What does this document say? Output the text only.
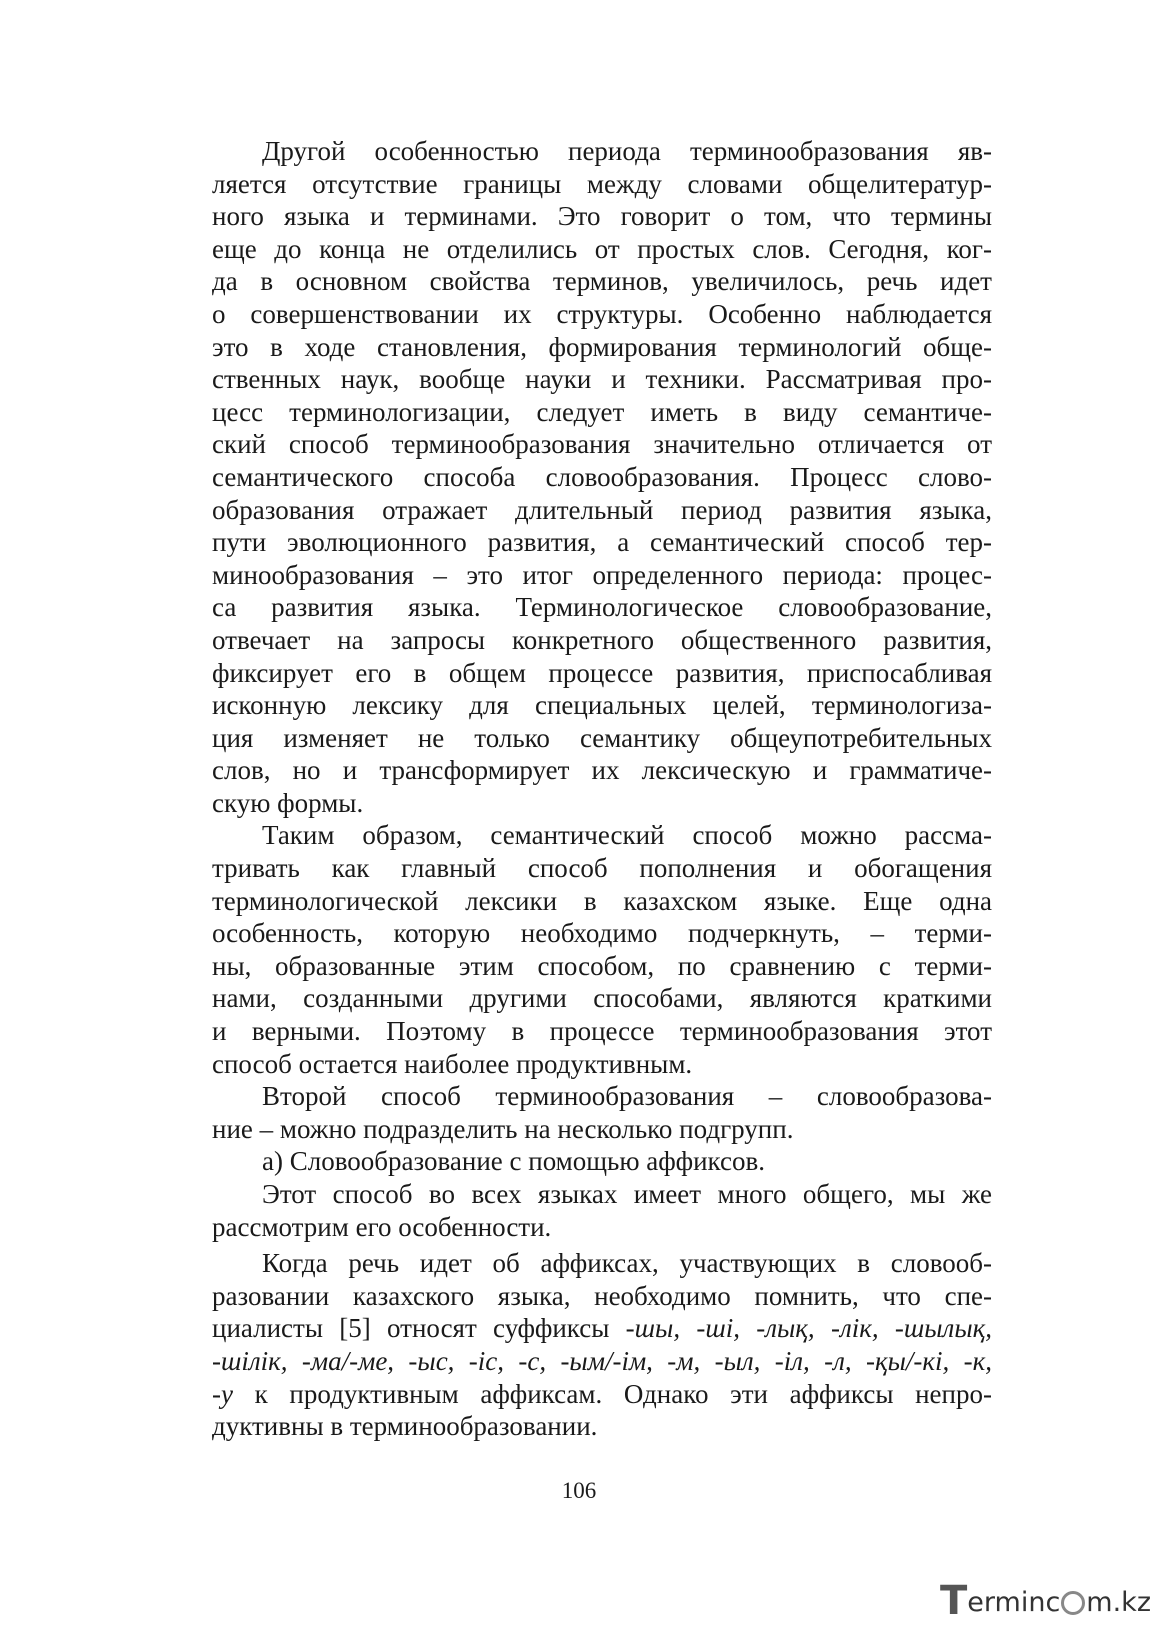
Другой особенностью периода терминообразования яв-
ляется отсутствие границы между словами общелитератур-
ного языка и терминами. Это говорит о том, что термины
еще до конца не отделились от простых слов. Сегодня, ког-
да в основном свойства терминов, увеличилось, речь идет
о совершенствовании их структуры. Особенно наблюдается
это в ходе становления, формирования терминологий обще-
ственных наук, вообще науки и техники. Рассматривая про-
цесс терминологизации, следует иметь в виду семантиче-
ский способ терминообразования значительно отличается от
семантического способа словообразования. Процесс слово-
образования отражает длительный период развития языка,
пути эволюционного развития, а семантический способ тер-
минообразования – это итог определенного периода: процес-
са развития языка. Терминологическое словообразование,
отвечает на запросы конкретного общественного развития,
фиксирует его в общем процессе развития, приспосабливая
исконную лексику для специальных целей, терминологиза-
ция изменяет не только семантику общеупотребительных
слов, но и трансформирует их лексическую и грамматиче-
скую формы.
Таким образом, семантический способ можно рассма-
тривать как главный способ пополнения и обогащения
терминологической лексики в казахском языке. Еще одна
особенность, которую необходимо подчеркнуть, – терми-
ны, образованные этим способом, по сравнению с терми-
нами, созданными другими способами, являются краткими
и верными. Поэтому в процессе терминообразования этот
способ остается наиболее продуктивным.
Второй способ терминообразования – словообразова-
ние – можно подразделить на несколько подгрупп.
а) Словообразование с помощью аффиксов.
Этот способ во всех языках имеет много общего, мы же
рассмотрим его особенности.
Когда речь идет об аффиксах, участвующих в словооб-
разовании казахского языка, необходимо помнить, что спе-
циалисты [5] относят суффиксы -шы, -ші, -лық, -лік, -шылық,
-шілік, -ма/-ме, -ыс, -іс, -с, -ым/-ім, -м, -ыл, -іл, -л, -қы/-кі, -к,
-у к продуктивным аффиксам. Однако эти аффиксы непро-
дуктивны в терминообразовании.
106
Terminc m.kz
